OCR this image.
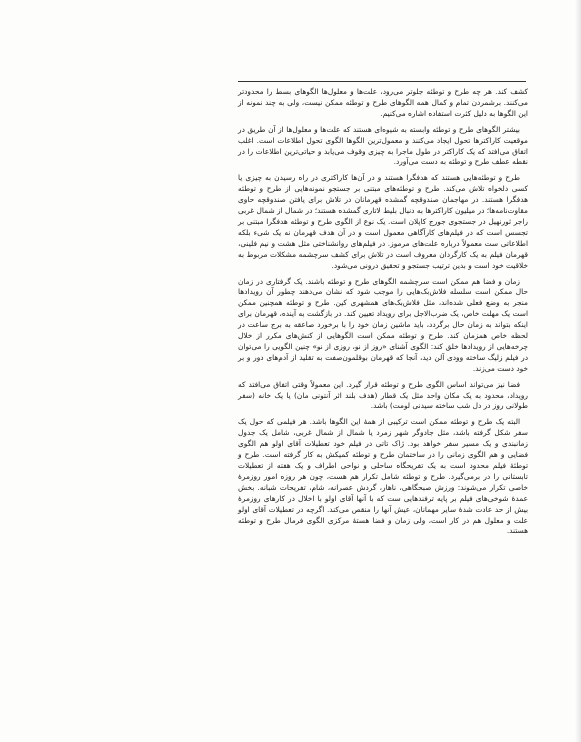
کشف کند. هر چه طرح و توطئه جلوتر می‌رود، علت‌ها و معلول‌ها الگوهای بسط را محدودتر می‌کنند. برشمردن تمام و کمال همه الگوهای طرح و توطئه ممکن نیست، ولی به چند نمونه از این الگوها به دلیل کثرت استفاده اشاره می‌کنیم.

بیشتر الگوهای طرح و توطئه وابسته به شیوه‌ای هستند که علت‌ها و معلول‌ها از آن طریق در موقعیت کاراکترها تحول ایجاد می‌کنند و معمول‌ترین الگوها الگوی تحول اطلاعات است. اغلب اتفاق می‌افتد که یک کاراکتر در طول ماجرا به چیزی وقوف می‌یابد و حیاتی‌ترین اطلاعات را در نقطه عطف طرح و توطئه به دست می‌آورد.

طرح و توطئه‌هایی هستند که هدفگرا هستند و در آن‌ها کاراکتری در راه رسیدن به چیزی یا کسی دلخواه تلاش می‌کند. طرح و توطئه‌های مبتنی بر جستجو نمونه‌هایی از طرح و توطئه هدفگرا هستند. در مهاجمان صندوقچه گمشده قهرمانان در تلاش برای یافتن صندوقچه حاوی مقاوت‌نامه‌ها؛ در میلیون کاراکترها به دنبال بلیط لاتاری گمشده هستند؛ در شمال از شمال غربی راجر ثورنهیل در جستجوی جورج کاپلان است. یک نوع از الگوی طرح و توطئه هدفگرا مبتنی بر تجسس است که در فیلم‌های کارآگاهی معمول است و در آن هدف قهرمان نه یک شیء بلکه اطلاعاتی ست معمولاً درباره علت‌های مرموز. در فیلم‌های روانشناختی مثل هشت و نیم فلینی، قهرمان فیلم به یک کارگردان معروف است در تلاش برای کشف سرچشمه مشکلات مربوط به خلاقیت خود است و بدین ترتیب جستجو و تحقیق درونی می‌شود.

زمان و فضا هم ممکن است سرچشمه الگوهای طرح و توطئه باشند. یک گرفتاری در زمان حال ممکن است سلسله فلاش‌بک‌هایی را موجب شود که نشان می‌دهند چطور آن رویدادها منجر به وضع فعلی شده‌اند، مثل فلاش‌بک‌های همشهری کین. طرح و توطئه همچنین ممکن است یک مهلت خاص، یک ضرب‌الاجل برای رویداد تعیین کند. در بازگشت به آینده، قهرمان برای اینکه بتواند به زمان حال برگردد، باید ماشین زمان خود را با برخورد صاعقه به برج ساعت در لحظه خاص همزمان کند. طرح و توطئه ممکن است الگوهایی از کنش‌های مکرر از خلال چرخه‌هایی از رویدادها خلق کند: الگوی آشنای «روز از نو، روزی از نو» چنین الگویی را می‌توان در فیلم زلیگ ساخته وودی آلن دید، آنجا که قهرمان بوقلمون‌صفت به تقلید از آدم‌های دور و بر خود دست می‌زند.

فضا نیز می‌تواند اساس الگوی طرح و توطئه قرار گیرد. این معمولاً وقتی اتفاق می‌افتد که رویداد، محدود به یک مکان واحد مثل یک قطار (هدف بلند اثر آنتونی مان) یا یک خانه (سفر طولانی روز در دل شب ساخته سیدنی لومت) باشد.

البته یک طرح و توطئه ممکن است ترکیبی از همهٔ این الگوها باشد. هر فیلمی که حول یک سفر شکل گرفته باشد، مثل جادوگر شهر زمرد یا شمال از شمال غربی، شامل یک جدول زمانبندی و یک مسیر سفر خواهد بود. ژاک تاتی در فیلم خود تعطیلات آقای اولو هم الگوی فضایی و هم الگوی زمانی را در ساختمان طرح و توطئه کمیکش به کار گرفته است. طرح و توطئهٔ فیلم محدود است به یک تفریحگاه ساحلی و نواحی اطراف و یک هفته از تعطیلات تابستانی را در برمی‌گیرد. طرح و توطئه شامل تکرار هم هست، چون هر روزه امور روزمرهٔ خاصی تکرار می‌شوند: ورزش صبحگاهی، ناهار، گردش عصرانه، شام، تفریحات شبانه. بخش عمدهٔ شوخی‌های فیلم بر پایه ترفندهایی ست که با آنها آقای اولو با اخلال در کارهای روزمرهٔ بیش از حد عادت شدهٔ سایر مهمانان، عیش آنها را منقص می‌کند. اگرچه در تعطیلات آقای اولو علت و معلول هم در کار است، ولی زمان و فضا هستهٔ مرکزی الگوی فرمال طرح و توطئه هستند.
